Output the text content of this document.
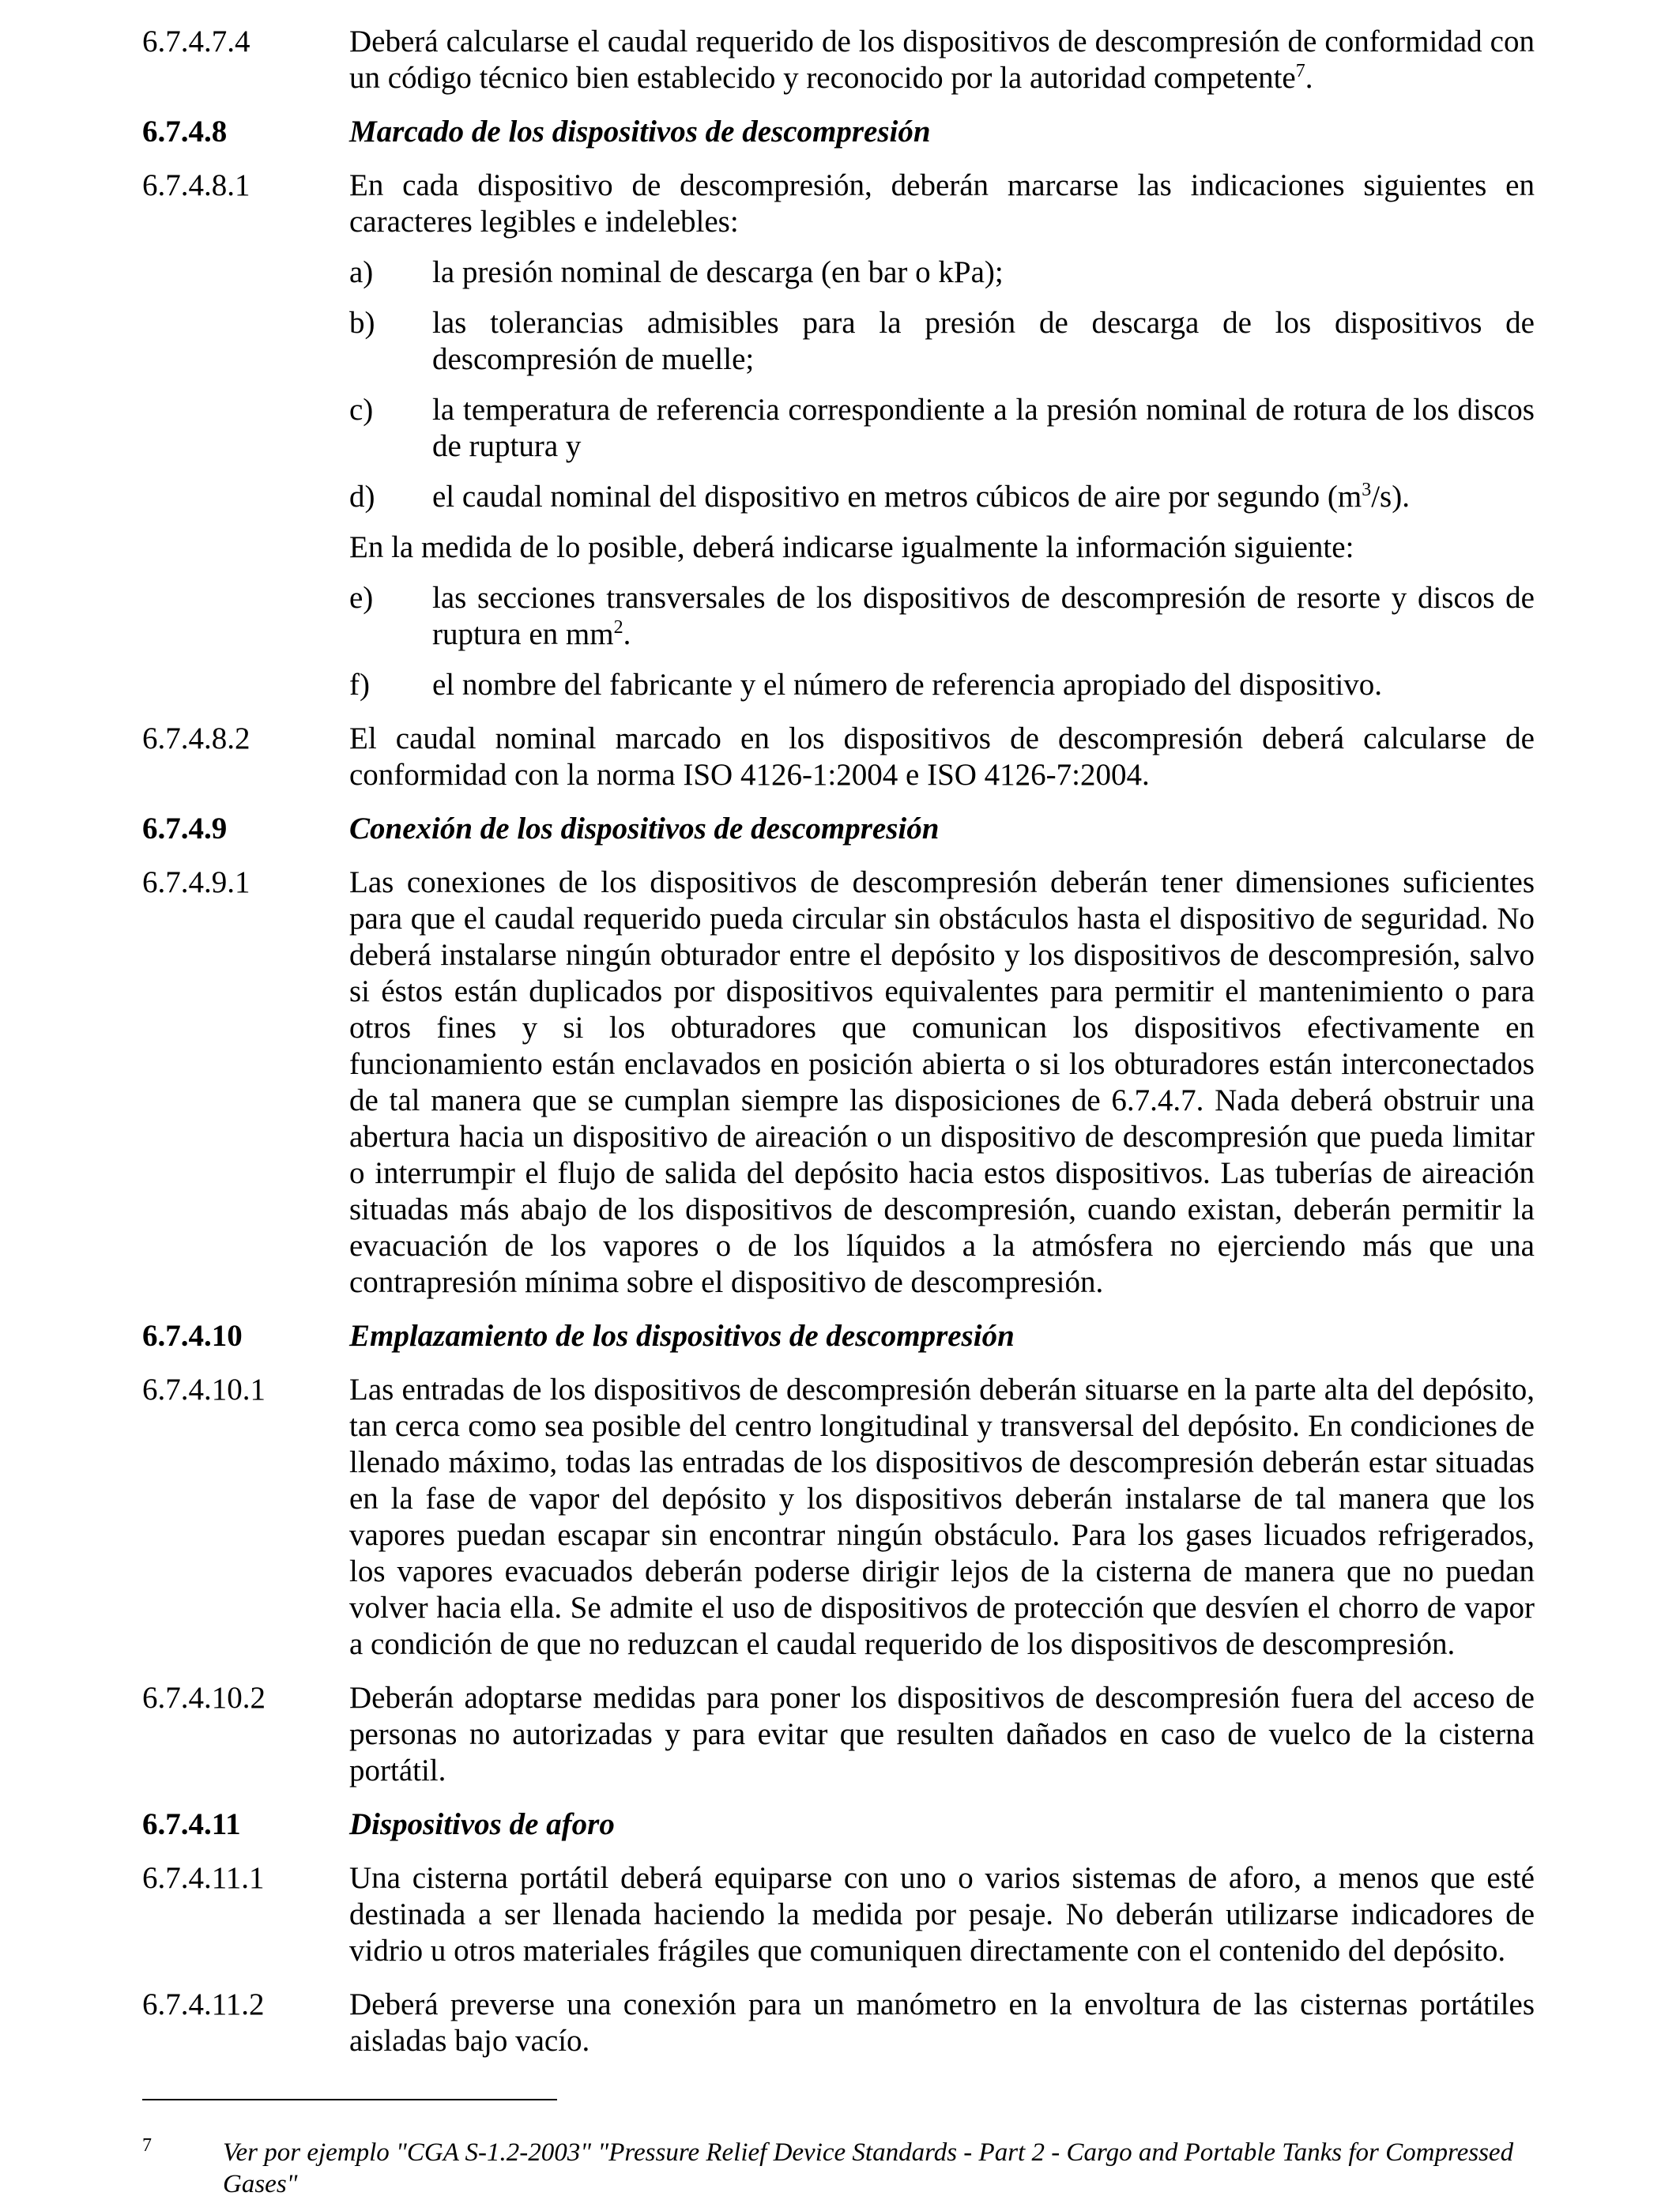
6.7.4.7.4	Deberá calcularse el caudal requerido de los dispositivos de descompresión de conformidad con un código técnico bien establecido y reconocido por la autoridad competente$^7$.
6.7.4.8	Marcado de los dispositivos de descompresión
6.7.4.8.1	En cada dispositivo de descompresión, deberán marcarse las indicaciones siguientes en caracteres legibles e indelebles:
a)	la presión nominal de descarga (en bar o kPa);
b)	las tolerancias admisibles para la presión de descarga de los dispositivos de descompresión de muelle;
c)	la temperatura de referencia correspondiente a la presión nominal de rotura de los discos de ruptura y
d)	el caudal nominal del dispositivo en metros cúbicos de aire por segundo $(m^3/s)$.
En la medida de lo posible, deberá indicarse igualmente la información siguiente:
e)	las secciones transversales de los dispositivos de descompresión de resorte y discos de ruptura en $mm^2$.
f)	el nombre del fabricante y el número de referencia apropiado del dispositivo.
6.7.4.8.2	El caudal nominal marcado en los dispositivos de descompresión deberá calcularse de conformidad con la norma ISO 4126-1:2004 e ISO 4126-7:2004.
6.7.4.9	Conexión de los dispositivos de descompresión
6.7.4.9.1	Las conexiones de los dispositivos de descompresión deberán tener dimensiones suficientes para que el caudal requerido pueda circular sin obstáculos hasta el dispositivo de seguridad. No deberá instalarse ningún obturador entre el depósito y los dispositivos de descompresión, salvo si éstos están duplicados por dispositivos equivalentes para permitir el mantenimiento o para otros fines y si los obturadores que comunican los dispositivos efectivamente en funcionamiento están enclavados en posición abierta o si los obturadores están interconectados de tal manera que se cumplan siempre las disposiciones de 6.7.4.7. Nada deberá obstruir una abertura hacia un dispositivo de aireación o un dispositivo de descompresión que pueda limitar o interrumpir el flujo de salida del depósito hacia estos dispositivos. Las tuberías de aireación situadas más abajo de los dispositivos de descompresión, cuando existan, deberán permitir la evacuación de los vapores o de los líquidos a la atmósfera no ejerciendo más que una contrapresión mínima sobre el dispositivo de descompresión.
6.7.4.10	Emplazamiento de los dispositivos de descompresión
6.7.4.10.1	Las entradas de los dispositivos de descompresión deberán situarse en la parte alta del depósito, tan cerca como sea posible del centro longitudinal y transversal del depósito. En condiciones de llenado máximo, todas las entradas de los dispositivos de descompresión deberán estar situadas en la fase de vapor del depósito y los dispositivos deberán instalarse de tal manera que los vapores puedan escapar sin encontrar ningún obstáculo. Para los gases licuados refrigerados, los vapores evacuados deberán poderse dirigir lejos de la cisterna de manera que no puedan volver hacia ella. Se admite el uso de dispositivos de protección que desvíen el chorro de vapor a condición de que no reduzcan el caudal requerido de los dispositivos de descompresión.
6.7.4.10.2	Deberán adoptarse medidas para poner los dispositivos de descompresión fuera del acceso de personas no autorizadas y para evitar que resulten dañados en caso de vuelco de la cisterna portátil.
6.7.4.11	Dispositivos de aforo
6.7.4.11.1	Una cisterna portátil deberá equiparse con uno o varios sistemas de aforo, a menos que esté destinada a ser llenada haciendo la medida por pesaje. No deberán utilizarse indicadores de vidrio u otros materiales frágiles que comuniquen directamente con el contenido del depósito.
6.7.4.11.2	Deberá preverse una conexión para un manómetro en la envoltura de las cisternas portátiles aisladas bajo vacío.
7	Ver por ejemplo "CGA S-1.2-2003" "Pressure Relief Device Standards - Part 2 - Cargo and Portable Tanks for Compressed Gases"
